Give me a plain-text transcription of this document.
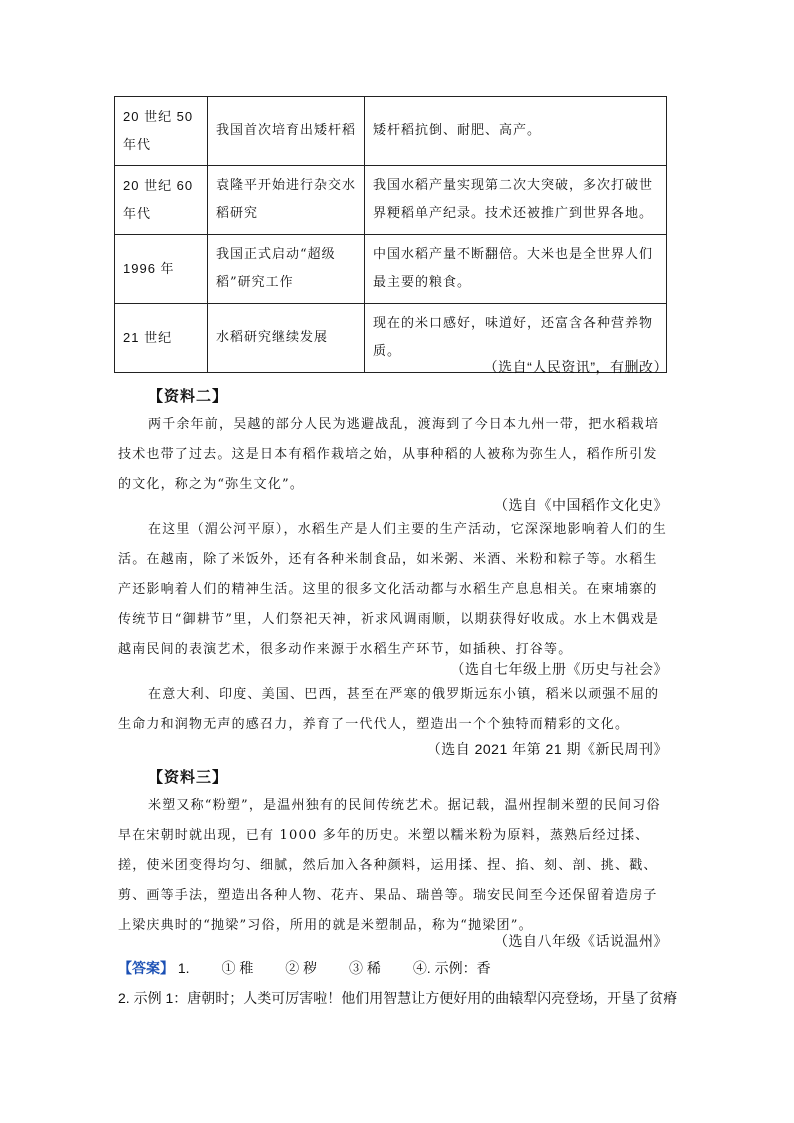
20 世纪 50 年代	我国首次培育出矮杆稻	矮杆稻抗倒、耐肥、高产。
20 世纪 60 年代	袁隆平开始进行杂交水稻研究	我国水稻产量实现第二次大突破，多次打破世界粳稻单产纪录。技术还被推广到世界各地。
1996 年	我国正式启动“超级稻”研究工作	中国水稻产量不断翻倍。大米也是全世界人们最主要的粮食。
21 世纪	水稻研究继续发展	现在的米口感好，味道好，还富含各种营养物质。
（选自“人民资讯”，有删改）
【资料二】

两千余年前，吴越的部分人民为逃避战乱，渡海到了今日本九州一带，把水稻栽培技术也带了过去。这是日本有稻作栽培之始，从事种稻的人被称为弥生人，稻作所引发的文化，称之为“弥生文化”。

（选自《中国稻作文化史》

在这里（湄公河平原），水稻生产是人们主要的生产活动，它深深地影响着人们的生活。在越南，除了米饭外，还有各种米制食品，如米粥、米酒、米粉和粽子等。水稻生产还影响着人们的精神生活。这里的很多文化活动都与水稻生产息息相关。在柬埔寨的传统节日“御耕节”里，人们祭祀天神，祈求风调雨顺，以期获得好收成。水上木偶戏是越南民间的表演艺术，很多动作来源于水稻生产环节，如插秧、打谷等。

（选自七年级上册《历史与社会》

在意大利、印度、美国、巴西，甚至在严寒的俄罗斯远东小镇，稻米以顽强不屈的生命力和润物无声的感召力，养育了一代代人，塑造出一个个独特而精彩的文化。

（选自 2021 年第 21 期《新民周刊》
【资料三】

米塑又称“粉塑”，是温州独有的民间传统艺术。据记载，温州捏制米塑的民间习俗早在宋朝时就出现，已有 1000 多年的历史。米塑以糯米粉为原料，蒸熟后经过揉、搓，使米团变得均匀、细腻，然后加入各种颜料，运用揉、捏、掐、刻、剖、挑、戳、剪、画等手法，塑造出各种人物、花卉、果品、瑞兽等。瑞安民间至今还保留着造房子上梁庆典时的“抛梁”习俗，所用的就是米塑制品，称为“抛梁团”。

（选自八年级《话说温州》
【答案】 1. ① 稚 ② 秽 ③ 稀 ④. 示例：香
2. 示例 1：唐朝时；人类可厉害啦！他们用智慧让方便好用的曲辕犁闪亮登场，开垦了贫瘠
